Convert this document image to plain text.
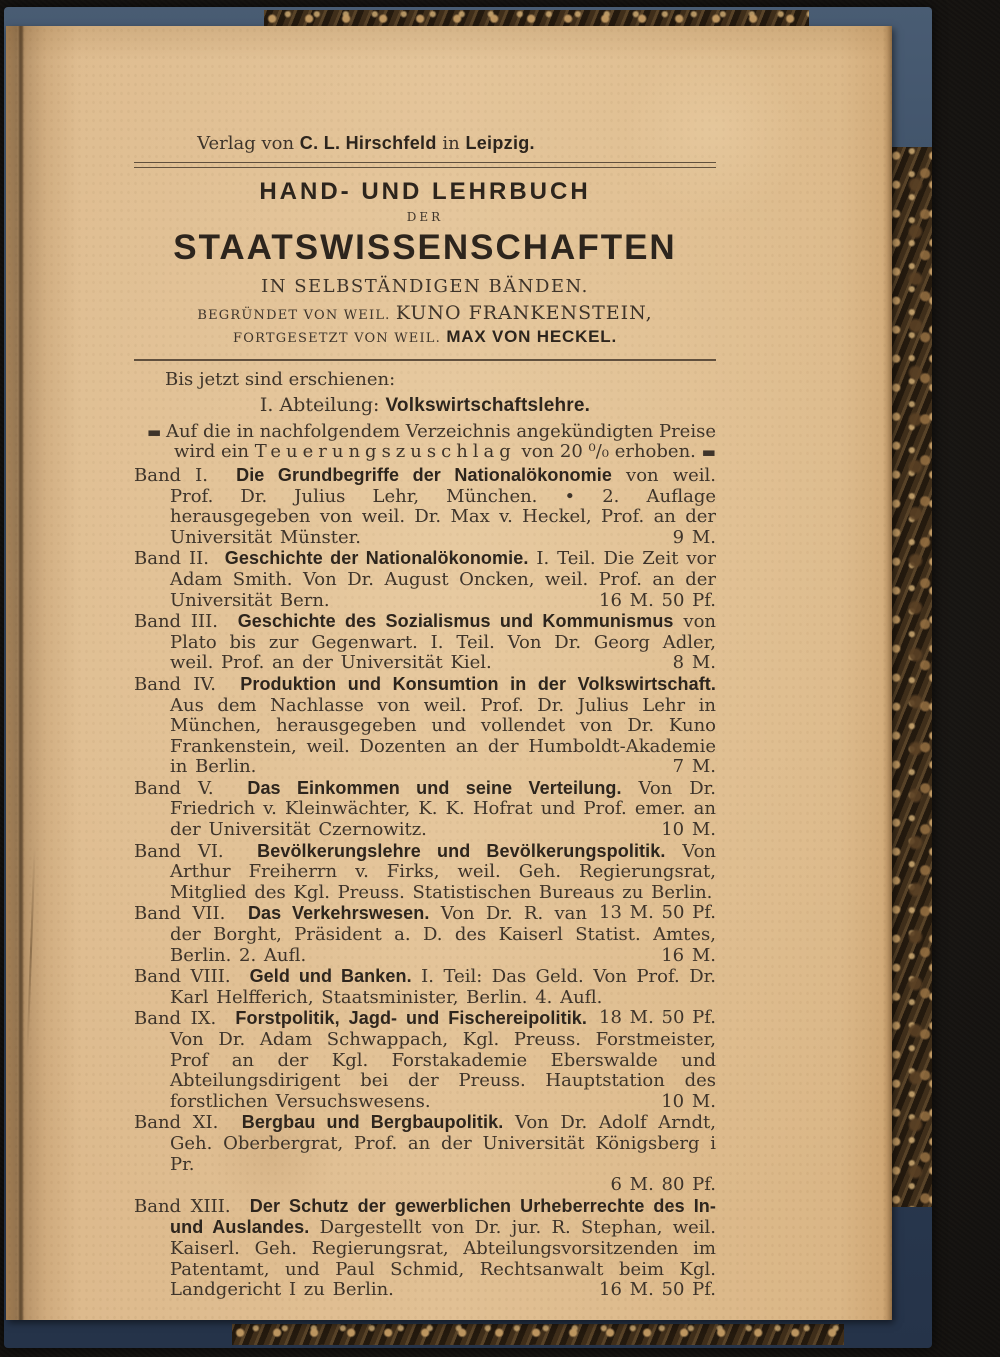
Verlag von C. L. Hirschfeld in Leipzig.
HAND- UND LEHRBUCH
DER
STAATSWISSENSCHAFTEN
IN SELBSTÄNDIGEN BÄNDEN.
BEGRÜNDET VON WEIL. KUNO FRANKENSTEIN,
FORTGESETZT VON WEIL. MAX VON HECKEL.

Bis jetzt sind erschienen:

I. Abteilung: Volkswirtschaftslehre.

▬ Auf die in nachfolgendem Verzeichnis angekündigten Preise wird ein Teuerungszuschlag von 20 ⁰/₀ erhoben. ▬

Band I.  Die Grundbegriffe der Nationalökonomie von weil. Prof. Dr. Julius Lehr, München. • 2. Auflage herausgegeben von weil. Dr. Max v. Heckel, Prof. an der Universität Münster.	9 M.

Band II.  Geschichte der Nationalökonomie. I. Teil. Die Zeit vor Adam Smith. Von Dr. August Oncken, weil. Prof. an der Universität Bern.	16 M. 50 Pf.

Band III.  Geschichte des Sozialismus und Kommunismus von Plato bis zur Gegenwart. I. Teil. Von Dr. Georg Adler, weil. Prof. an der Universität Kiel.	8 M.

Band IV.  Produktion und Konsumtion in der Volkswirtschaft. Aus dem Nachlasse von weil. Prof. Dr. Julius Lehr in München, herausgegeben und vollendet von Dr. Kuno Frankenstein, weil. Dozenten an der Humboldt-Akademie in Berlin.	7 M.

Band V.  Das Einkommen und seine Verteilung. Von Dr. Friedrich v. Kleinwächter, K. K. Hofrat und Prof. emer. an der Universität Czernowitz.	10 M.

Band VI.  Bevölkerungslehre und Bevölkerungspolitik. Von Arthur Freiherrn v. Firks, weil. Geh. Regierungsrat, Mitglied des Kgl. Preuss. Statistischen Bureaus zu Berlin.
13 M. 50 Pf.

Band VII.  Das Verkehrswesen. Von Dr. R. van der Borght, Präsident a. D. des Kaiserl Statist. Amtes, Berlin. 2. Aufl.	16 M.

Band VIII.  Geld und Banken. I. Teil: Das Geld. Von Prof. Dr. Karl Helfferich, Staatsminister, Berlin. 4. Aufl.
18 M. 50 Pf.

Band IX.  Forstpolitik, Jagd- und Fischereipolitik. Von Dr. Adam Schwappach, Kgl. Preuss. Forstmeister, Prof an der Kgl. Forstakademie Eberswalde und Abteilungsdirigent bei der Preuss. Hauptstation des forstlichen Versuchswesens.	10 M.

Band XI.  Bergbau und Bergbaupolitik. Von Dr. Adolf Arndt, Geh. Oberbergrat, Prof. an der Universität Königsberg i Pr.
6 M. 80 Pf.

Band XIII.  Der Schutz der gewerblichen Urheberrechte des In- und Auslandes. Dargestellt von Dr. jur. R. Stephan, weil. Kaiserl. Geh. Regierungsrat, Abteilungsvorsitzenden im Patentamt, und Paul Schmid, Rechtsanwalt beim Kgl. Landgericht I zu Berlin.	16 M. 50 Pf.
